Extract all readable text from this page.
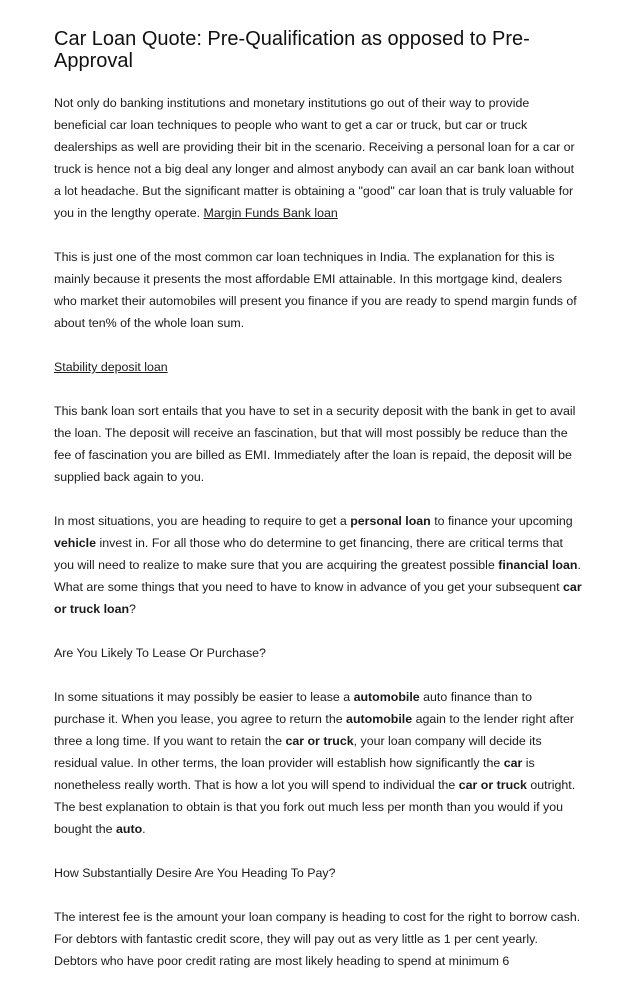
Car Loan Quote: Pre-Qualification as opposed to Pre-Approval

Not only do banking institutions and monetary institutions go out of their way to provide beneficial car loan techniques to people who want to get a car or truck, but car or truck dealerships as well are providing their bit in the scenario. Receiving a personal loan for a car or truck is hence not a big deal any longer and almost anybody can avail an car bank loan without a lot headache. But the significant matter is obtaining a "good" car loan that is truly valuable for you in the lengthy operate. Margin Funds Bank loan

This is just one of the most common car loan techniques in India. The explanation for this is mainly because it presents the most affordable EMI attainable. In this mortgage kind, dealers who market their automobiles will present you finance if you are ready to spend margin funds of about ten% of the whole loan sum.

Stability deposit loan

This bank loan sort entails that you have to set in a security deposit with the bank in get to avail the loan. The deposit will receive an fascination, but that will most possibly be reduce than the fee of fascination you are billed as EMI. Immediately after the loan is repaid, the deposit will be supplied back again to you.

In most situations, you are heading to require to get a personal loan to finance your upcoming vehicle invest in. For all those who do determine to get financing, there are critical terms that you will need to realize to make sure that you are acquiring the greatest possible financial loan. What are some things that you need to have to know in advance of you get your subsequent car or truck loan?

Are You Likely To Lease Or Purchase?

In some situations it may possibly be easier to lease a automobile auto finance than to purchase it. When you lease, you agree to return the automobile again to the lender right after three a long time. If you want to retain the car or truck, your loan company will decide its residual value. In other terms, the loan provider will establish how significantly the car is nonetheless really worth. That is how a lot you will spend to individual the car or truck outright. The best explanation to obtain is that you fork out much less per month than you would if you bought the auto.

How Substantially Desire Are You Heading To Pay?

The interest fee is the amount your loan company is heading to cost for the right to borrow cash. For debtors with fantastic credit score, they will pay out as very little as 1 per cent yearly. Debtors who have poor credit rating are most likely heading to spend at minimum 6
